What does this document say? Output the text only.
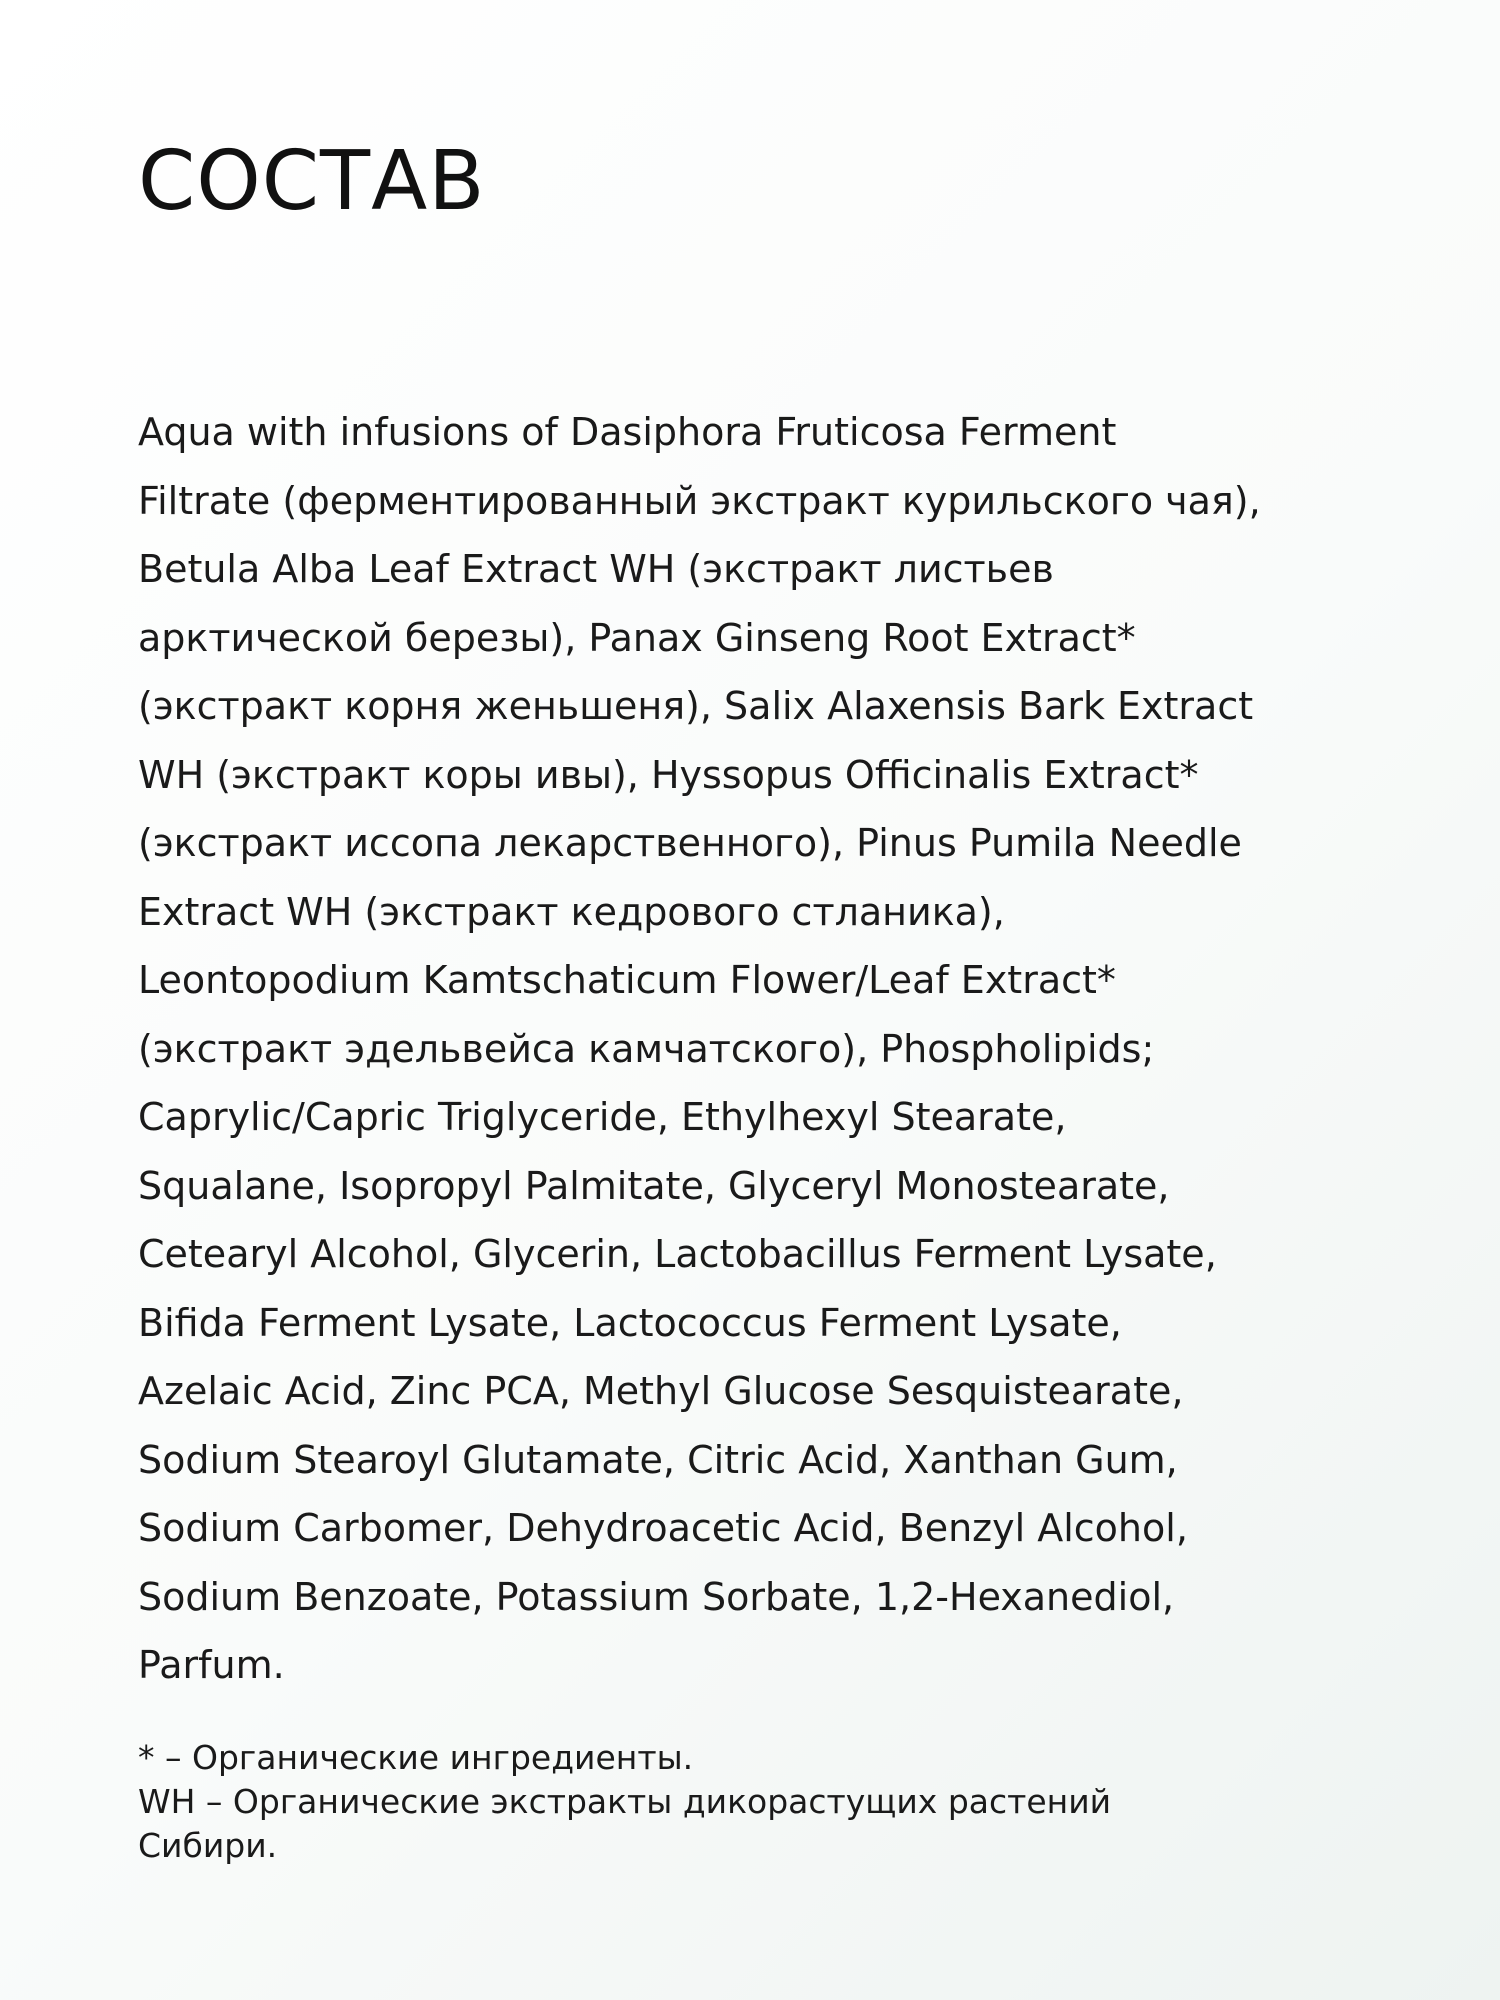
СОСТАВ

Aqua with infusions of Dasiphora Fruticosa Ferment
Filtrate (ферментированный экстракт курильского чая),
Betula Alba Leaf Extract WH (экстракт листьев
арктической березы), Panax Ginseng Root Extract*
(экстракт корня женьшеня), Salix Alaxensis Bark Extract
WH (экстракт коры ивы), Hyssopus Officinalis Extract*
(экстракт иссопа лекарственного), Pinus Pumila Needle
Extract WH (экстракт кедрового стланика),
Leontopodium Kamtschaticum Flower/Leaf Extract*
(экстракт эдельвейса камчатского), Phospholipids;
Caprylic/Capric Triglyceride, Ethylhexyl Stearate,
Squalane, Isopropyl Palmitate, Glyceryl Monostearate,
Cetearyl Alcohol, Glycerin, Lactobacillus Ferment Lysate,
Bifida Ferment Lysate, Lactococcus Ferment Lysate,
Azelaic Acid, Zinc PCA, Methyl Glucose Sesquistearate,
Sodium Stearoyl Glutamate, Citric Acid, Xanthan Gum,
Sodium Carbomer, Dehydroacetic Acid, Benzyl Alcohol,
Sodium Benzoate, Potassium Sorbate, 1,2-Hexanediol,
Parfum.

* – Органические ингредиенты.
WH – Органические экстракты дикорастущих растений
Сибири.
